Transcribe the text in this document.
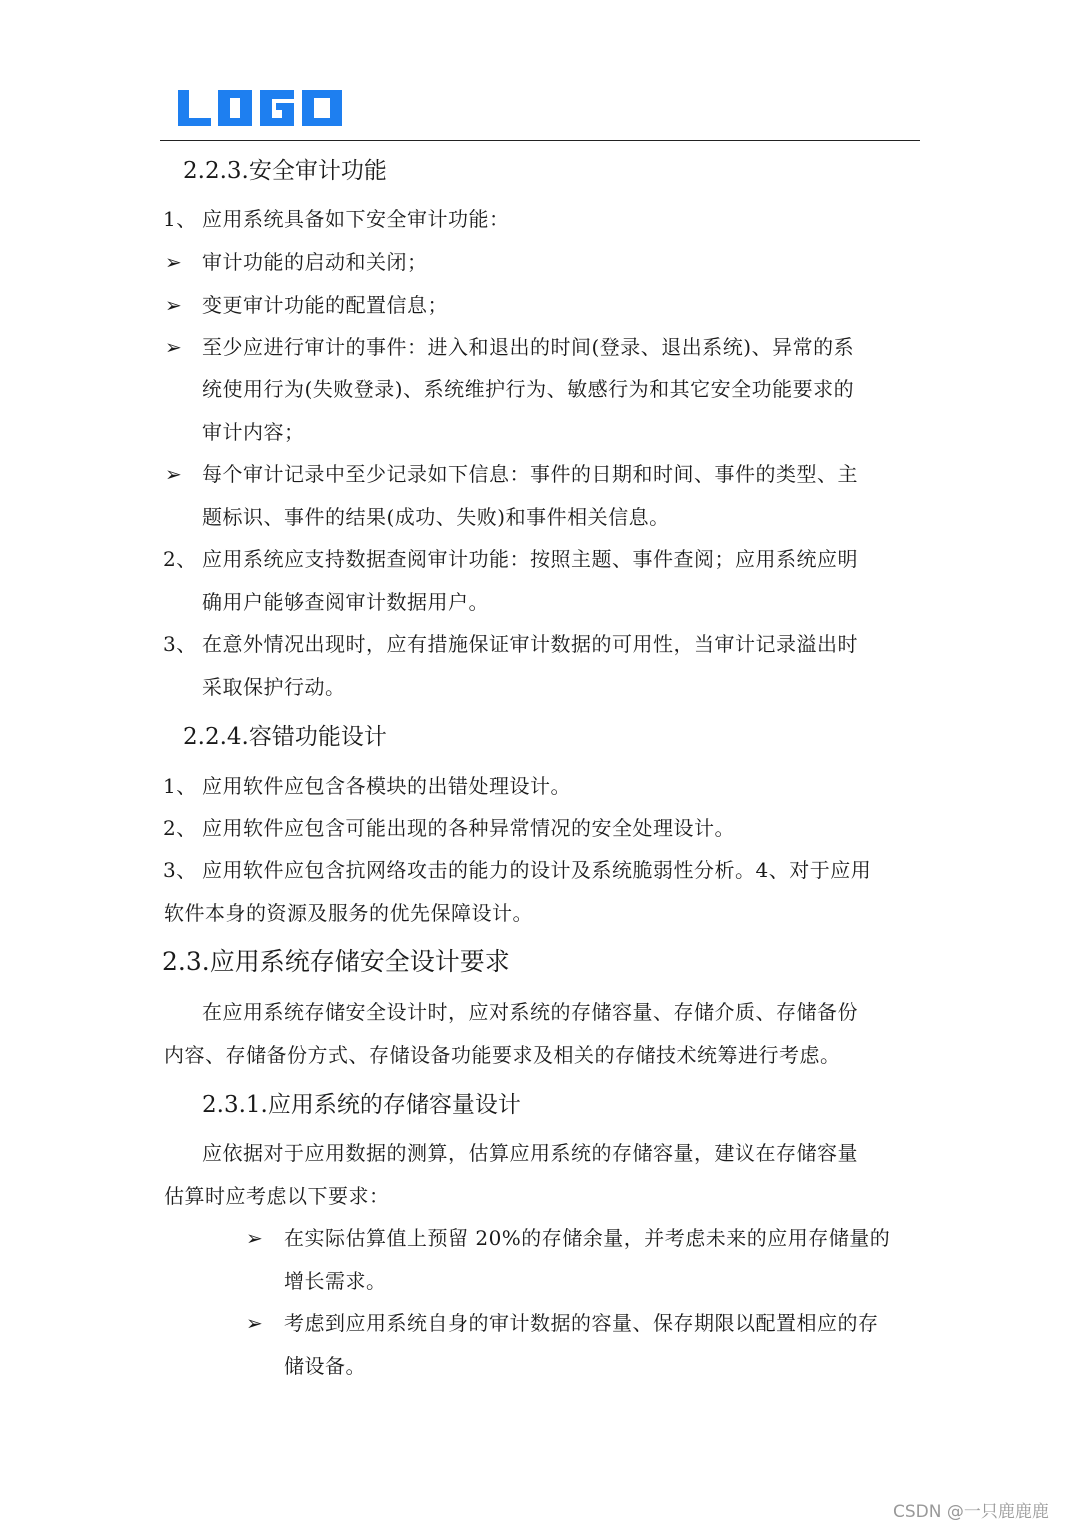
2.2.3.安全审计功能
1、 应用系统具备如下安全审计功能：
➢ 审计功能的启动和关闭；
➢ 变更审计功能的配置信息；
➢ 至少应进行审计的事件：进入和退出的时间(登录、退出系统)、异常的系
统使用行为(失败登录)、系统维护行为、敏感行为和其它安全功能要求的
审计内容；
➢ 每个审计记录中至少记录如下信息：事件的日期和时间、事件的类型、主
题标识、事件的结果(成功、失败)和事件相关信息。
2、 应用系统应支持数据查阅审计功能：按照主题、事件查阅；应用系统应明
确用户能够查阅审计数据用户。
3、 在意外情况出现时，应有措施保证审计数据的可用性，当审计记录溢出时
采取保护行动。
2.2.4.容错功能设计
1、 应用软件应包含各模块的出错处理设计。
2、 应用软件应包含可能出现的各种异常情况的安全处理设计。
3、 应用软件应包含抗网络攻击的能力的设计及系统脆弱性分析。4、对于应用
软件本身的资源及服务的优先保障设计。
2.3.应用系统存储安全设计要求
在应用系统存储安全设计时，应对系统的存储容量、存储介质、存储备份
内容、存储备份方式、存储设备功能要求及相关的存储技术统筹进行考虑。
2.3.1.应用系统的存储容量设计
应依据对于应用数据的测算，估算应用系统的存储容量，建议在存储容量
估算时应考虑以下要求：
➢ 在实际估算值上预留 20%的存储余量，并考虑未来的应用存储量的
增长需求。
➢ 考虑到应用系统自身的审计数据的容量、保存期限以配置相应的存
储设备。
CSDN @一只鹿鹿鹿
